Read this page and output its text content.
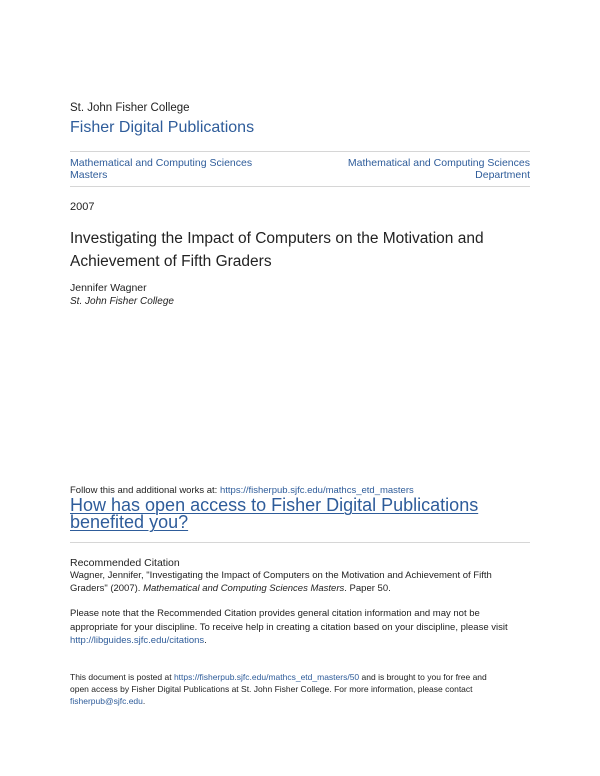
St. John Fisher College
Fisher Digital Publications
Mathematical and Computing Sciences
Masters
Mathematical and Computing Sciences
Department
2007
Investigating the Impact of Computers on the Motivation and
Achievement of Fifth Graders
Jennifer Wagner
St. John Fisher College
Follow this and additional works at: https://fisherpub.sjfc.edu/mathcs_etd_masters
How has open access to Fisher Digital Publications
benefited you?
Recommended Citation
Wagner, Jennifer, "Investigating the Impact of Computers on the Motivation and Achievement of Fifth
Graders" (2007). Mathematical and Computing Sciences Masters. Paper 50.
Please note that the Recommended Citation provides general citation information and may not be
appropriate for your discipline. To receive help in creating a citation based on your discipline, please visit
http://libguides.sjfc.edu/citations.
This document is posted at https://fisherpub.sjfc.edu/mathcs_etd_masters/50 and is brought to you for free and
open access by Fisher Digital Publications at St. John Fisher College. For more information, please contact
fisherpub@sjfc.edu.
